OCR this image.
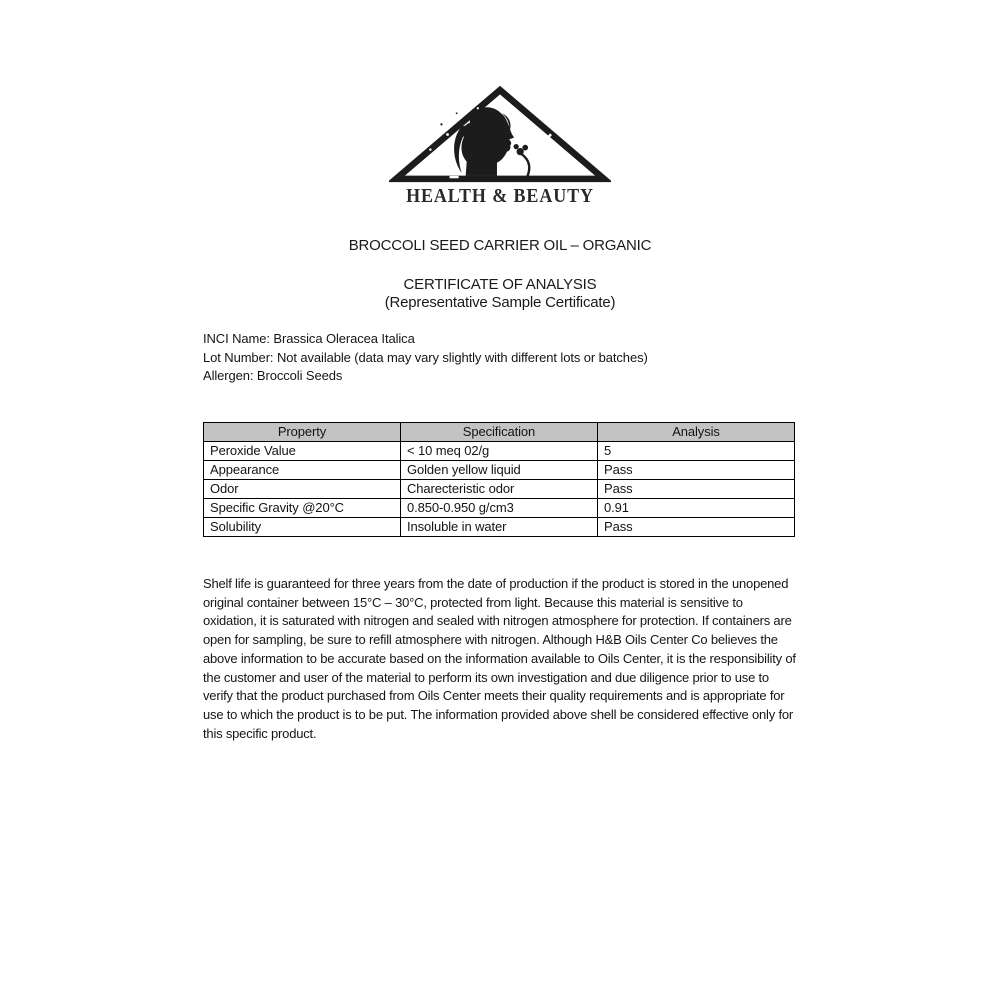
HEALTH & BEAUTY
BROCCOLI SEED CARRIER OIL – ORGANIC
CERTIFICATE OF ANALYSIS
(Representative Sample Certificate)
INCI Name: Brassica Oleracea Italica
Lot Number: Not available (data may vary slightly with different lots or batches)
Allergen: Broccoli Seeds
Property	Specification	Analysis
Peroxide Value	< 10 meq 02/g	5
Appearance	Golden yellow liquid	Pass
Odor	Charecteristic odor	Pass
Specific Gravity @20°C	0.850-0.950 g/cm3	0.91
Solubility	Insoluble in water	Pass
Shelf life is guaranteed for three years from the date of production if the product is stored in the unopened original container between 15°C – 30°C, protected from light. Because this material is sensitive to oxidation, it is saturated with nitrogen and sealed with nitrogen atmosphere for protection. If containers are open for sampling, be sure to refill atmosphere with nitrogen. Although H&B Oils Center Co believes the above information to be accurate based on the information available to Oils Center, it is the responsibility of the customer and user of the material to perform its own investigation and due diligence prior to use to verify that the product purchased from Oils Center meets their quality requirements and is appropriate for use to which the product is to be put. The information provided above shell be considered effective only for this specific product.
